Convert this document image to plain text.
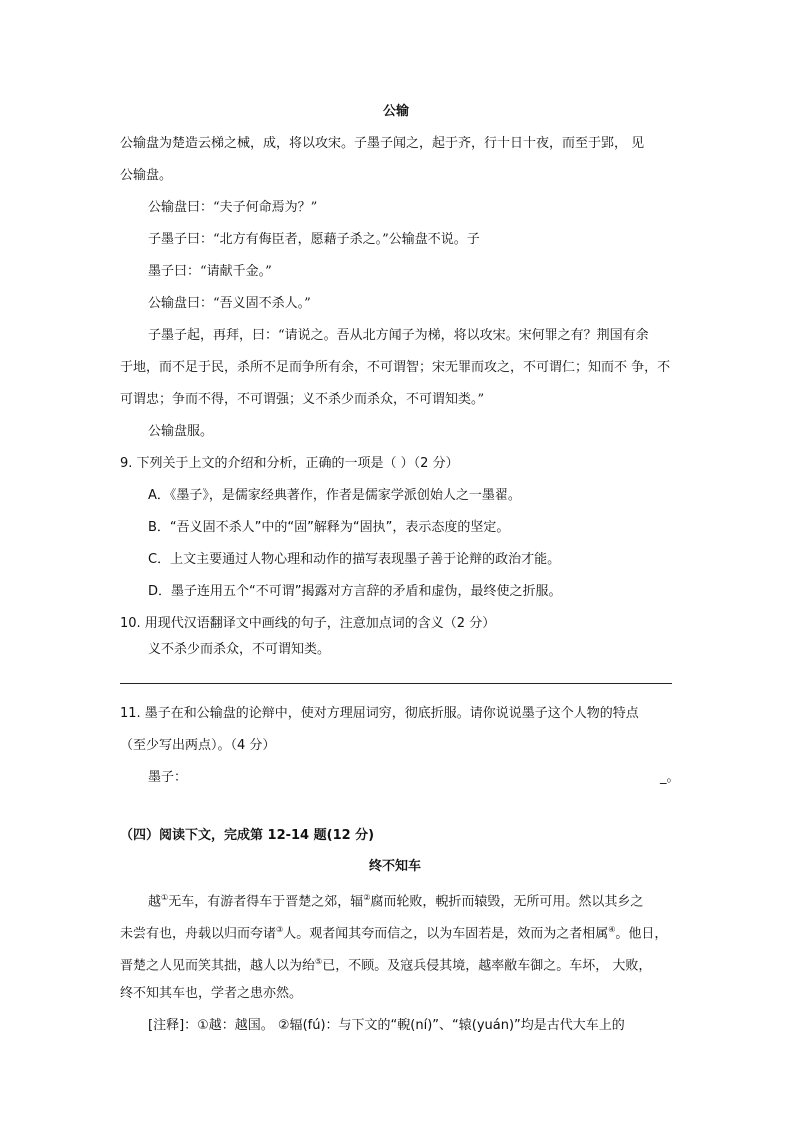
公输
公输盘为楚造云梯之械，成，将以攻宋。子墨子闻之，起于齐，行十日十夜，而至于郢， 见
公输盘。
公输盘曰：“夫子何命焉为？”
子墨子曰：“北方有侮臣者，愿藉子杀之。”公输盘不说。子
墨子曰：“请献千金。”
公输盘曰：“吾义固不杀人。”
子墨子起，再拜，曰：“请说之。吾从北方闻子为梯，将以攻宋。宋何罪之有？荆国有余
于地，而不足于民，杀所不足而争所有余，不可谓智；宋无罪而攻之，不可谓仁；知而不 争，不
可谓忠；争而不得，不可谓强；义不杀少而杀众，不可谓知类。”
公输盘服。
9. 下列关于上文的介绍和分析，正确的一项是（ ）（2 分）
A．《墨子》，是儒家经典著作，作者是儒家学派创始人之一墨翟。
B．“吾义固不杀人”中的“固”解释为“固执”，表示态度的坚定。
C．上文主要通过人物心理和动作的描写表现墨子善于论辩的政治才能。
D．墨子连用五个“不可谓”揭露对方言辞的矛盾和虚伪，最终使之折服。
10. 用现代汉语翻译文中画线的句子，注意加点词的含义（2 分）
义不杀少而杀众，不可谓知类。
11. 墨子在和公输盘的论辩中，使对方理屈词穷，彻底折服。请你说说墨子这个人物的特点
（至少写出两点）。（4 分）
墨子：	_。
（四）阅读下文，完成第 12-14 题(12 分)
终不知车
越①无车，有游者得车于晋楚之郊，辐②腐而轮败，輗折而辕毁，无所可用。然以其乡之
未尝有也，舟载以归而夸诸③人。观者闻其夸而信之，以为车固若是，效而为之者相属④。他日，
晋楚之人见而笑其拙，越人以为绐⑤已，不顾。及寇兵侵其境，越率敝车御之。车坏， 大败，
终不知其车也，学者之患亦然。
[注释]：①越：越国。 ②辐(fú)：与下文的“輗(ní)”、“辕(yuán)”均是古代大车上的
